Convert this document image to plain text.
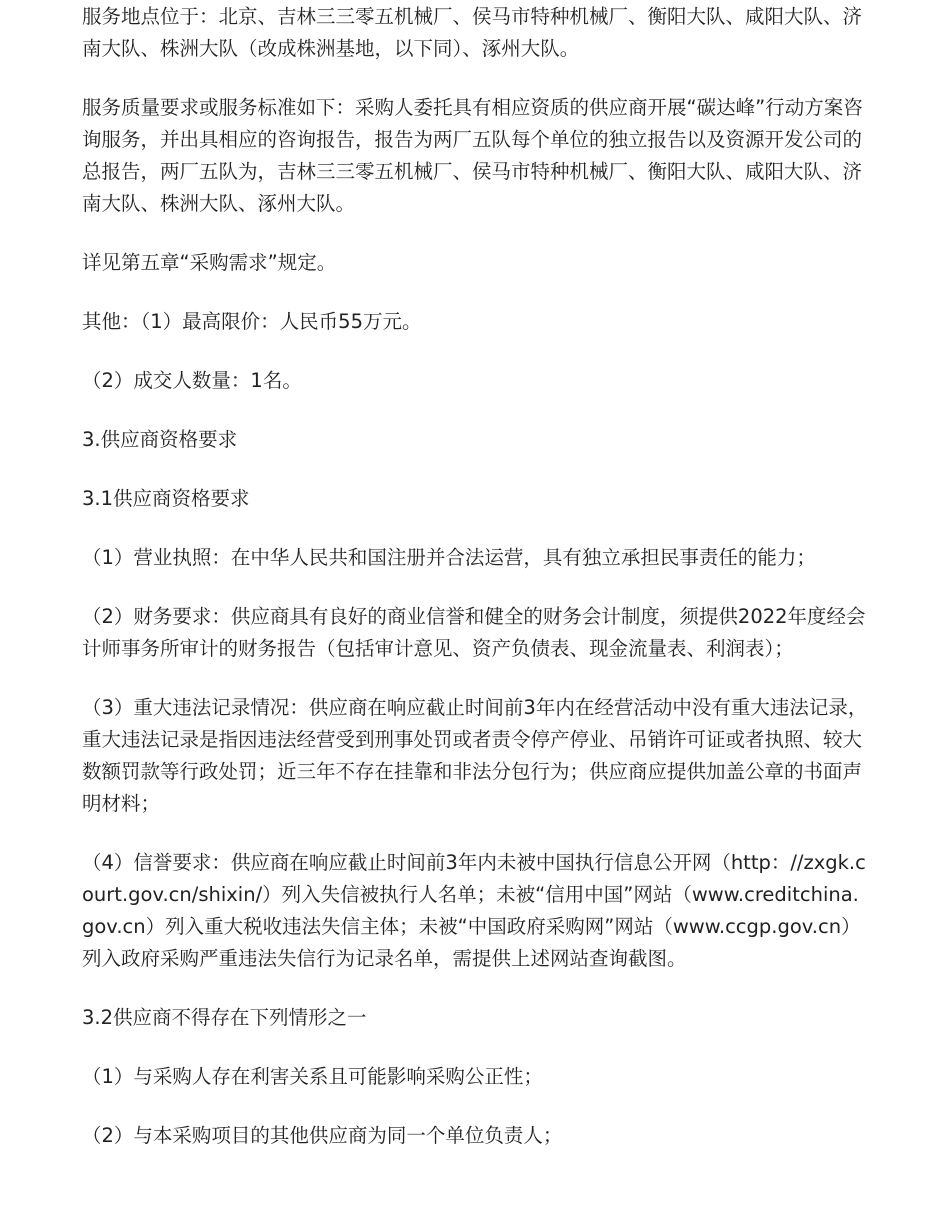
服务地点位于：北京、吉林三三零五机械厂、侯马市特种机械厂、衡阳大队、咸阳大队、济南大队、株洲大队（改成株洲基地，以下同）、涿州大队。

服务质量要求或服务标准如下：采购人委托具有相应资质的供应商开展“碳达峰”行动方案咨询服务，并出具相应的咨询报告，报告为两厂五队每个单位的独立报告以及资源开发公司的总报告，两厂五队为，吉林三三零五机械厂、侯马市特种机械厂、衡阳大队、咸阳大队、济南大队、株洲大队、涿州大队。

详见第五章“采购需求”规定。

其他：（1）最高限价：人民币55万元。

（2）成交人数量：1名。

3.供应商资格要求

3.1供应商资格要求

（1）营业执照：在中华人民共和国注册并合法运营，具有独立承担民事责任的能力；

（2）财务要求：供应商具有良好的商业信誉和健全的财务会计制度，须提供2022年度经会计师事务所审计的财务报告（包括审计意见、资产负债表、现金流量表、利润表）；

（3）重大违法记录情况：供应商在响应截止时间前3年内在经营活动中没有重大违法记录，重大违法记录是指因违法经营受到刑事处罚或者责令停产停业、吊销许可证或者执照、较大数额罚款等行政处罚；近三年不存在挂靠和非法分包行为；供应商应提供加盖公章的书面声明材料；

（4）信誉要求：供应商在响应截止时间前3年内未被中国执行信息公开网（http：//zxgk.court.gov.cn/shixin/）列入失信被执行人名单；未被“信用中国”网站（www.creditchina.gov.cn）列入重大税收违法失信主体；未被“中国政府采购网”网站（www.ccgp.gov.cn）列入政府采购严重违法失信行为记录名单，需提供上述网站查询截图。

3.2供应商不得存在下列情形之一

（1）与采购人存在利害关系且可能影响采购公正性；

（2）与本采购项目的其他供应商为同一个单位负责人；
